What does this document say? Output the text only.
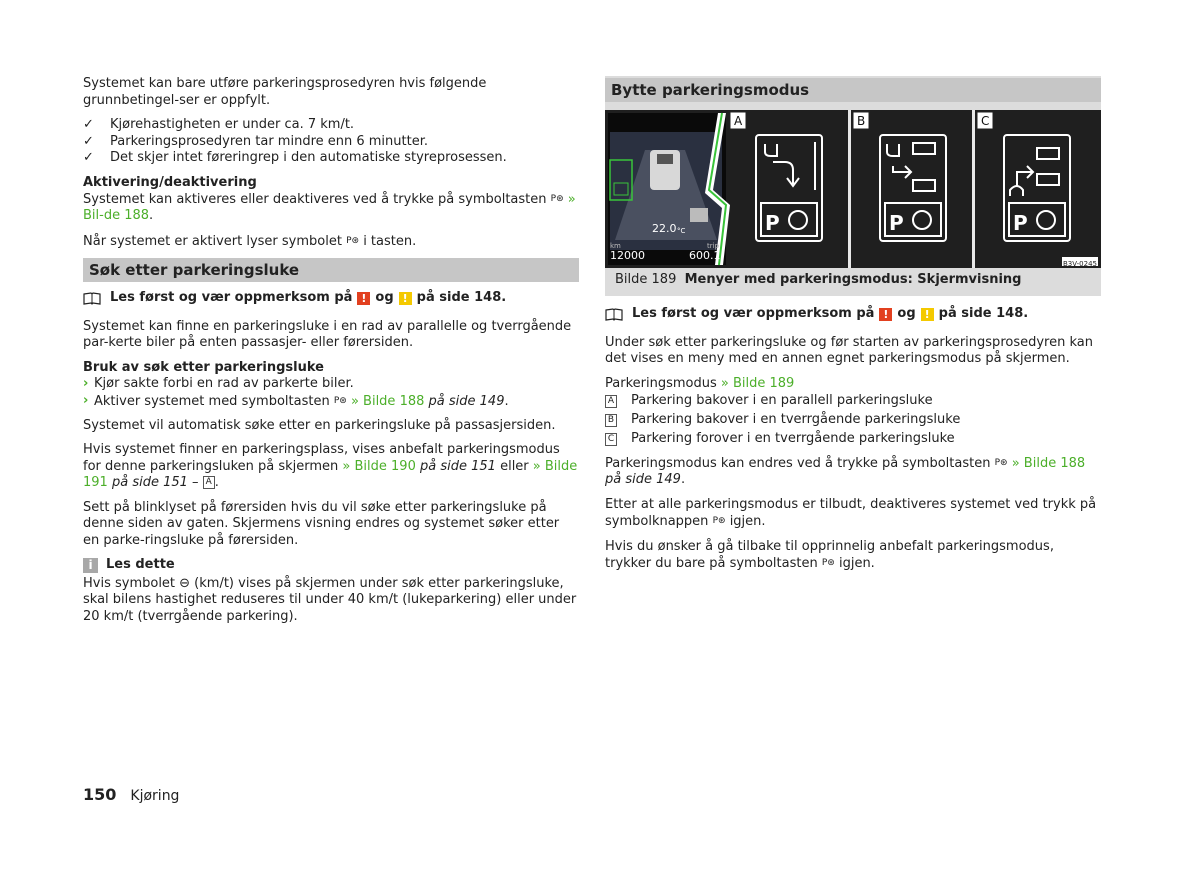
Systemet kan bare utføre parkeringsprosedyren hvis følgende grunnbetingel-ser er oppfylt.

✓	Kjørehastigheten er under ca. 7 km/t.
✓	Parkeringsprosedyren tar mindre enn 6 minutter.
✓	Det skjer intet føreringrep i den automatiske styreprosessen.
Aktivering/deaktivering

Systemet kan aktiveres eller deaktiveres ved å trykke på symboltasten P⊛ » Bil-de 188.

Når systemet er aktivert lyser symbolet P⊛ i tasten.

Søk etter parkeringsluke
Les først og vær oppmerksom på ! og ! på side 148.

Systemet kan finne en parkeringsluke i en rad av parallelle og tverrgående par-kerte biler på enten passasjer- eller førersiden.

Bruk av søk etter parkeringsluke
› Kjør sakte forbi en rad av parkerte biler.
› Aktiver systemet med symboltasten P⊛ » Bilde 188 på side 149.

Systemet vil automatisk søke etter en parkeringsluke på passasjersiden.

Hvis systemet finner en parkeringsplass, vises anbefalt parkeringsmodus for denne parkeringsluken på skjermen » Bilde 190 på side 151 eller » Bilde 191 på side 151 – A .

Sett på blinklyset på førersiden hvis du vil søke etter parkeringsluke på denne siden av gaten. Skjermens visning endres og systemet søker etter en parke-ringsluke på førersiden.

i	Les dette

Hvis symbolet ⊖ (km/t) vises på skjermen under søk etter parkeringsluke, skal bilens hastighet reduseres til under 40 km/t (lukeparkering) eller under 20 km/t (tverrgående parkering).

Bytte parkeringsmodus
P	P	P
A	B	C
22.0 °C
km	trip
12000	600.1
B3V-0245
Bilde 189
Menyer med parkeringsmodus: Skjermvisning
Les først og vær oppmerksom på ! og ! på side 148.

Under søk etter parkeringsluke og før starten av parkeringsprosedyren kan det vises en meny med en annen egnet parkeringsmodus på skjermen.

Parkeringsmodus » Bilde 189
A Parkering bakover i en parallell parkeringsluke
B Parkering bakover i en tverrgående parkeringsluke
C Parkering forover i en tverrgående parkeringsluke

Parkeringsmodus kan endres ved å trykke på symboltasten P⊛ » Bilde 188 på side 149.

Etter at alle parkeringsmodus er tilbudt, deaktiveres systemet ved trykk på symbolknappen P⊛ igjen.

Hvis du ønsker å gå tilbake til opprinnelig anbefalt parkeringsmodus, trykker du bare på symboltasten P⊛ igjen.

150 Kjøring
